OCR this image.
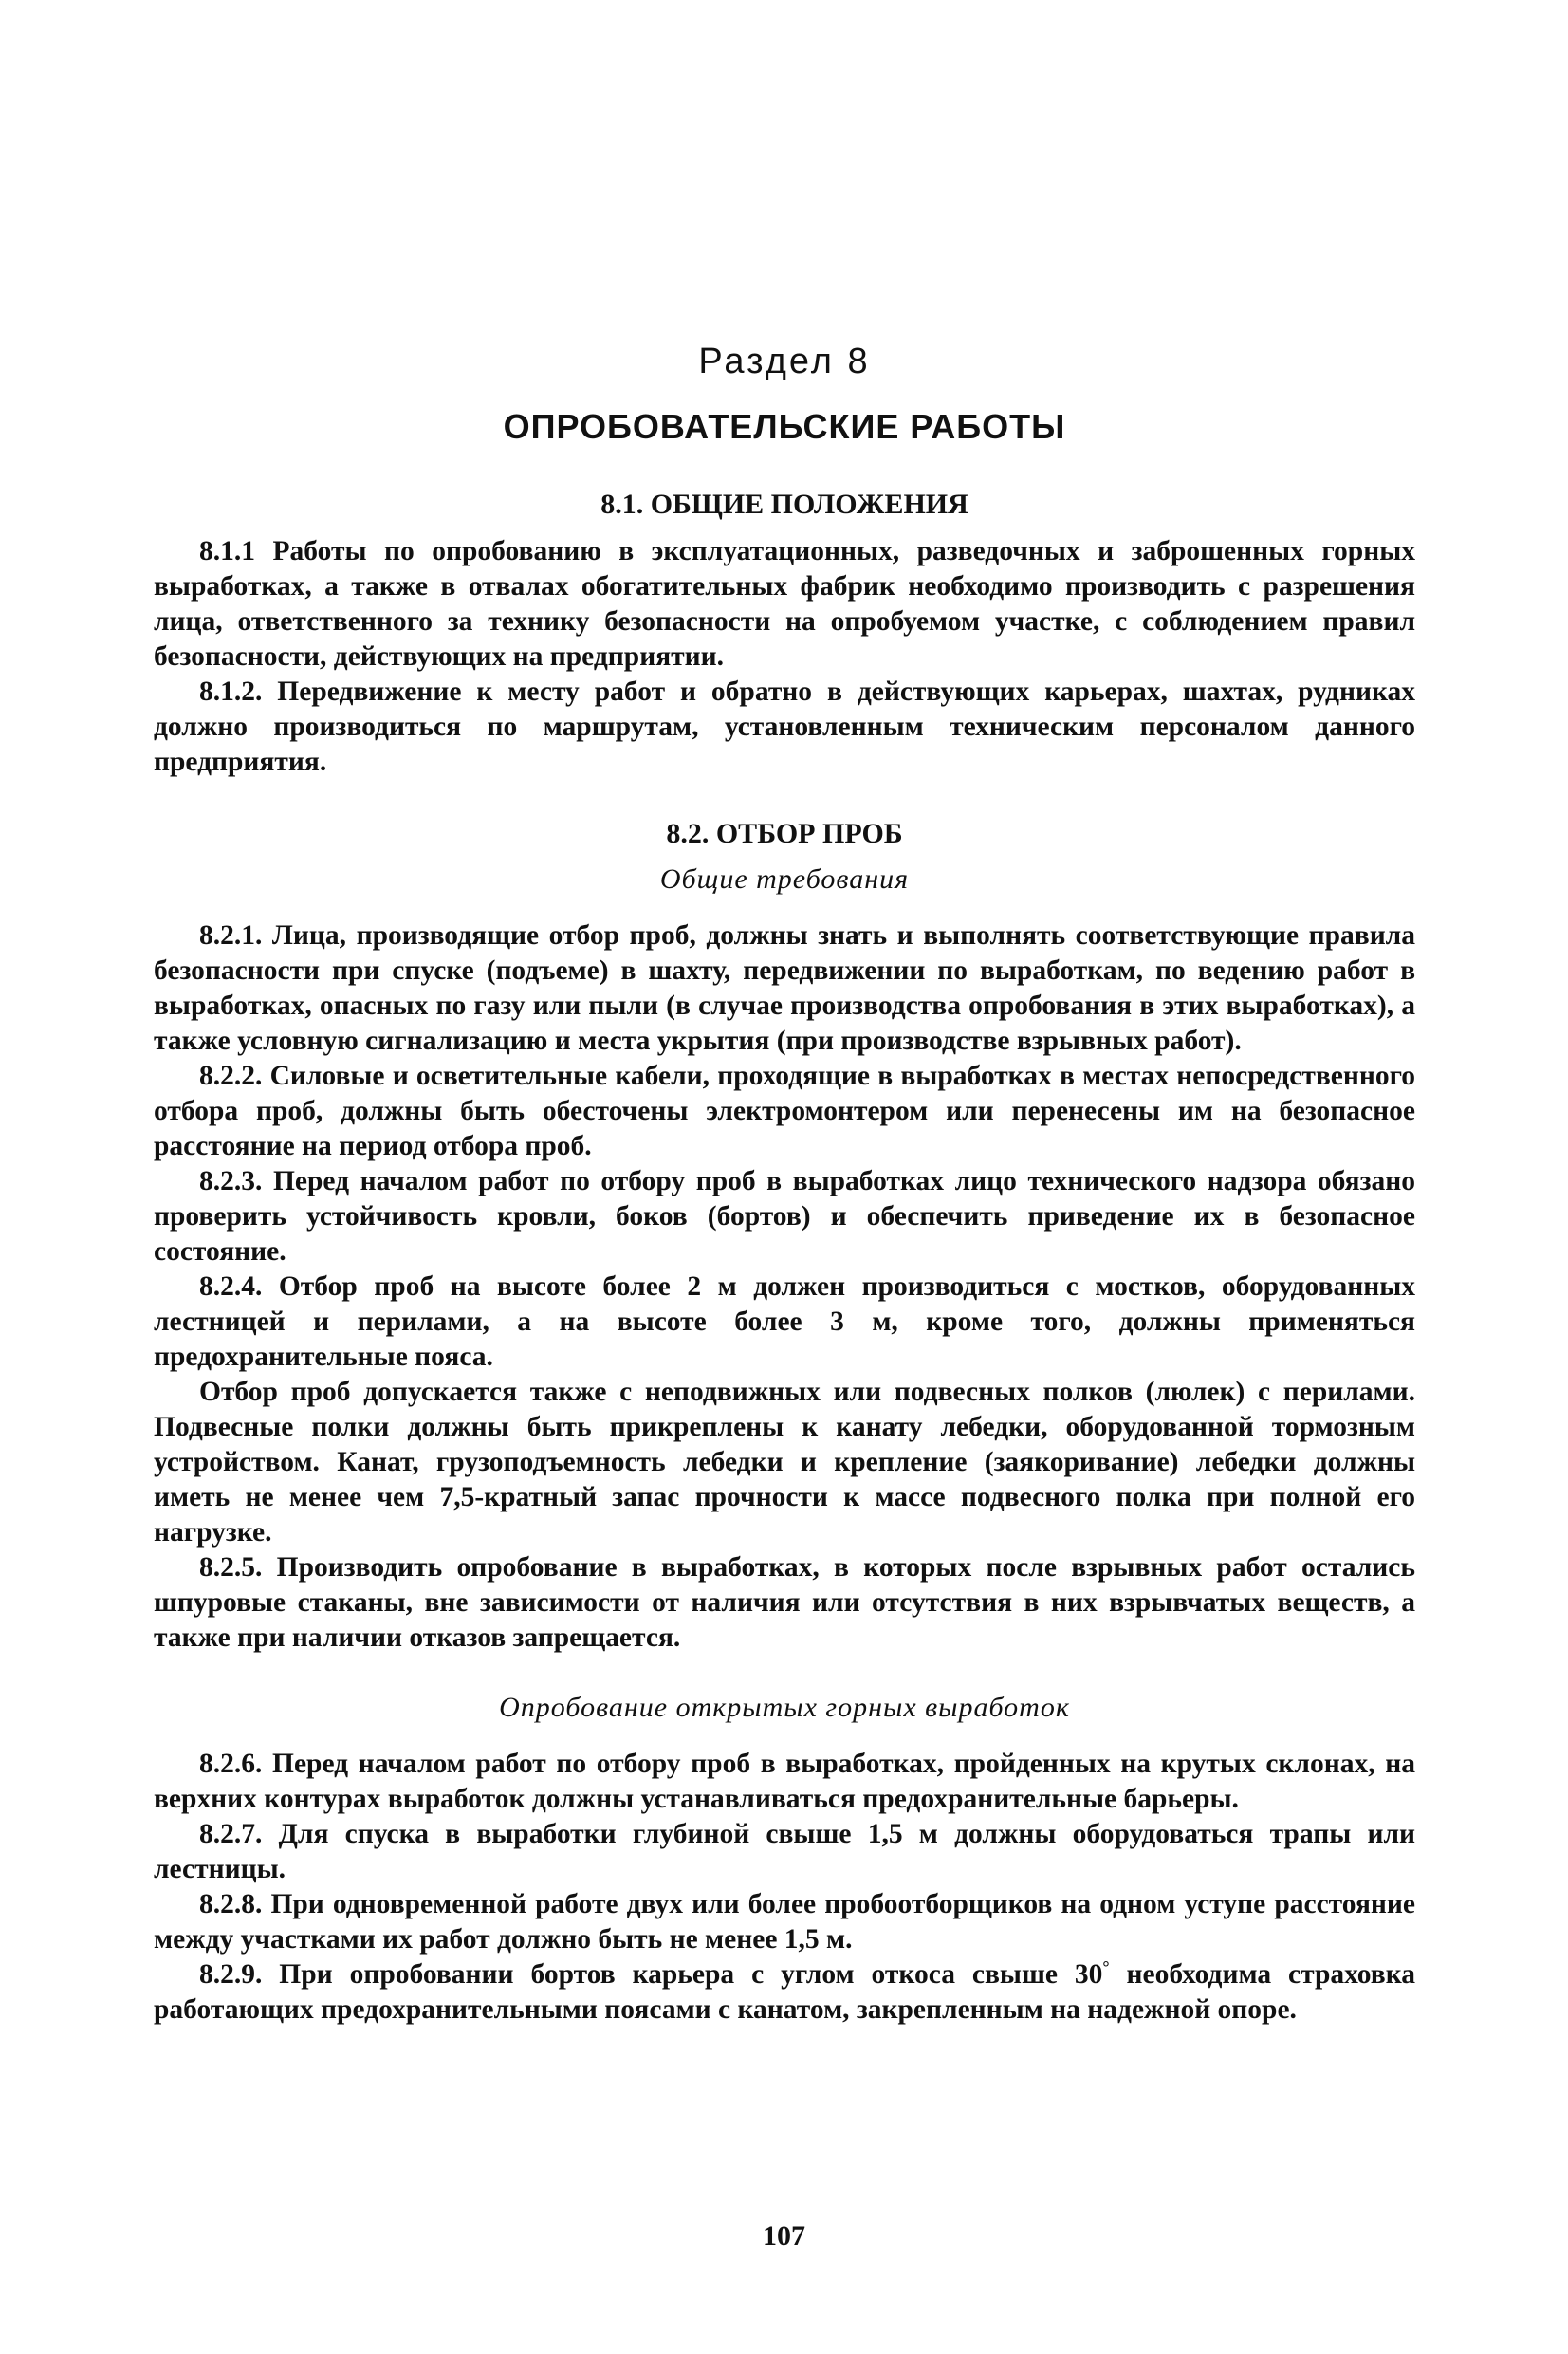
Раздел 8
ОПРОБОВАТЕЛЬСКИЕ РАБОТЫ
8.1. ОБЩИЕ ПОЛОЖЕНИЯ

8.1.1 Работы по опробованию в эксплуатационных, разведочных и заброшенных горных выработках, а также в отвалах обогатительных фабрик необходимо производить с разрешения лица, ответственного за технику безопасности на опробуемом участке, с соблюдением правил безопасности, действующих на предприятии.

8.1.2. Передвижение к месту работ и обратно в действующих карьерах, шахтах, рудниках должно производиться по маршрутам, установленным техническим персоналом данного предприятия.

8.2. ОТБОР ПРОБ
Общие требования

8.2.1. Лица, производящие отбор проб, должны знать и выполнять соответствующие правила безопасности при спуске (подъеме) в шахту, передвижении по выработкам, по ведению работ в выработках, опасных по газу или пыли (в случае производства опробования в этих выработках), а также условную сигнализацию и места укрытия (при производстве взрывных работ).

8.2.2. Силовые и осветительные кабели, проходящие в выработках в местах непосредственного отбора проб, должны быть обесточены электромонтером или перенесены им на безопасное расстояние на период отбора проб.

8.2.3. Перед началом работ по отбору проб в выработках лицо технического надзора обязано проверить устойчивость кровли, боков (бортов) и обеспечить приведение их в безопасное состояние.

8.2.4. Отбор проб на высоте более 2 м должен производиться с мостков, оборудованных лестницей и перилами, а на высоте более 3 м, кроме того, должны применяться предохранительные пояса.

Отбор проб допускается также с неподвижных или подвесных полков (люлек) с перилами. Подвесные полки должны быть прикреплены к канату лебедки, оборудованной тормозным устройством. Канат, грузоподъемность лебедки и крепление (заякоривание) лебедки должны иметь не менее чем 7,5-кратный запас прочности к массе подвесного полка при полной его нагрузке.

8.2.5. Производить опробование в выработках, в которых после взрывных работ остались шпуровые стаканы, вне зависимости от наличия или отсутствия в них взрывчатых веществ, а также при наличии отказов запрещается.

Опробование открытых горных выработок

8.2.6. Перед началом работ по отбору проб в выработках, пройденных на крутых склонах, на верхних контурах выработок должны устанавливаться предохранительные барьеры.

8.2.7. Для спуска в выработки глубиной свыше 1,5 м должны оборудоваться трапы или лестницы.

8.2.8. При одновременной работе двух или более пробоотборщиков на одном уступе расстояние между участками их работ должно быть не менее 1,5 м.

8.2.9. При опробовании бортов карьера с углом откоса свыше 30° необходима страховка работающих предохранительными поясами с канатом, закрепленным на надежной опоре.

107
